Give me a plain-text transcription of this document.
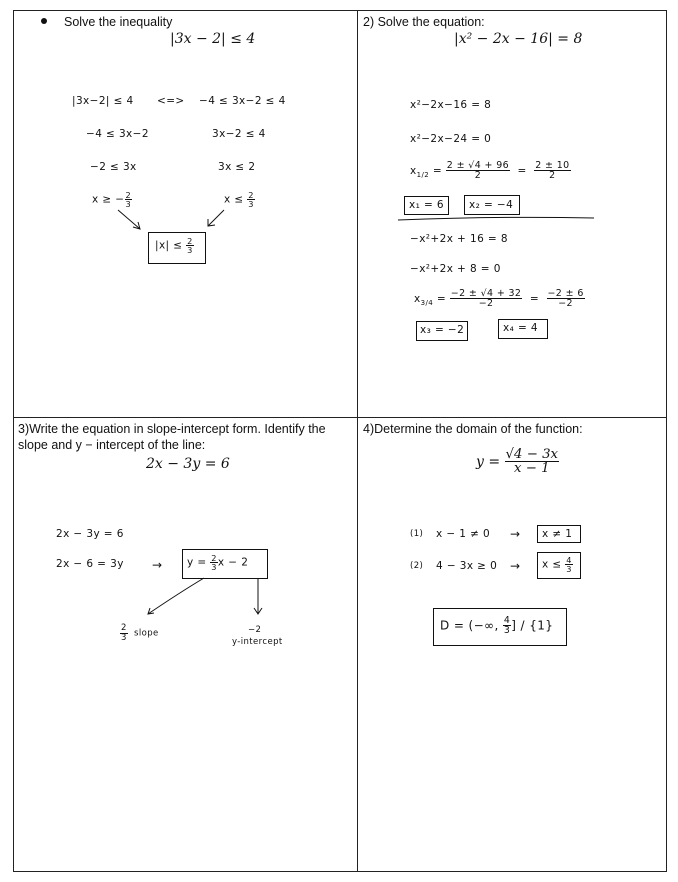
Solve the inequality
|3x − 2| ≤ 4
|3x−2| ≤ 4 <=> −4 ≤ 3x−2 ≤ 4
−4 ≤ 3x−2	3x−2 ≤ 4
−2 ≤ 3x	3x ≤ 2
x ≥ − $\frac{2}{3}$	$x \le \frac{2}{3}$
$|x| \le \frac{2}{3}$
2) Solve the equation:
|x² − 2x − 16| = 8
x²−2x−16 = 8
x²−2x−24 = 0
$x_{1/2} = \frac{2 \pm √4 + 96}{2} = \frac{2 \pm 10}{2}$
x₁ = 6 x₂ = −4
−x²+2x + 16 = 8
−x²+2x + 8 = 0
$x_{3/4} = \frac{-2 \pm √4 + 32}{-2} = \frac{-2 \pm 6}{-2}$
x₃ = −2	x₄ = 4
3)Write the equation in slope-intercept form. Identify the slope and y − intercept of the line:
2x − 3y = 6
2x − 3y = 6
$2x - 6 = 3y \to y = \frac{2}{3}$ x − 2
$\frac{2}{3}$ slope	−2
y-intercept
4)Determine the domain of the function:
$y = \frac{√4 - 3x}{x - 1}$
(1) x − 1 ≠ 0 → x ≠ 1
(2) $4 - 3x \ge 0 \to x \le \frac{4}{3}$
D = (−∞, $\frac{4}{3}$ ] / {1}
